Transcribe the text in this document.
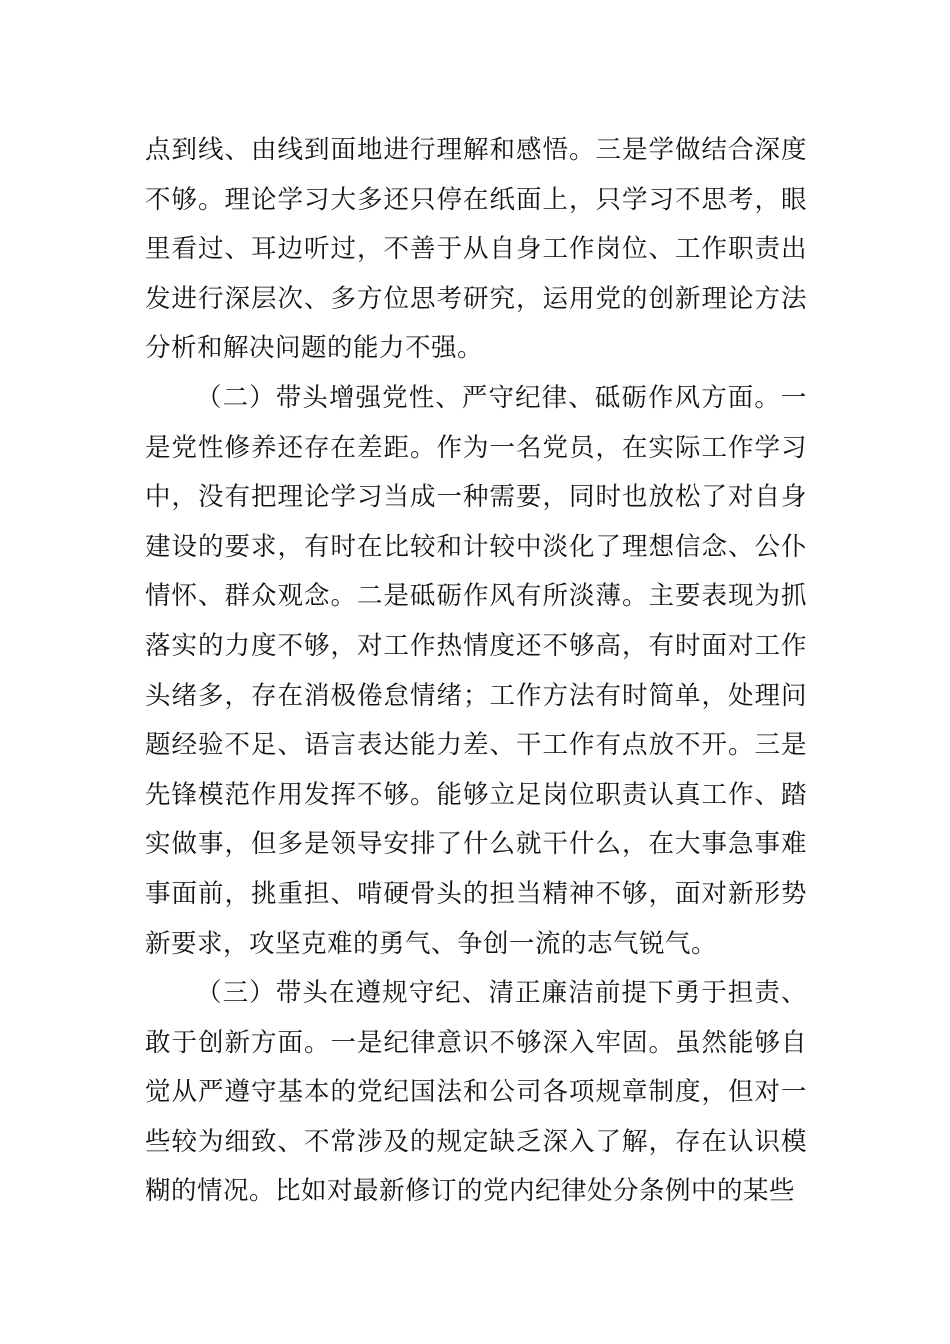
点到线、由线到面地进行理解和感悟。三是学做结合深度不够。理论学习大多还只停在纸面上，只学习不思考，眼里看过、耳边听过，不善于从自身工作岗位、工作职责出发进行深层次、多方位思考研究，运用党的创新理论方法分析和解决问题的能力不强。

（二）带头增强党性、严守纪律、砥砺作风方面。一是党性修养还存在差距。作为一名党员，在实际工作学习中，没有把理论学习当成一种需要，同时也放松了对自身建设的要求，有时在比较和计较中淡化了理想信念、公仆情怀、群众观念。二是砥砺作风有所淡薄。主要表现为抓落实的力度不够，对工作热情度还不够高，有时面对工作头绪多，存在消极倦怠情绪；工作方法有时简单，处理问题经验不足、语言表达能力差、干工作有点放不开。三是先锋模范作用发挥不够。能够立足岗位职责认真工作、踏实做事，但多是领导安排了什么就干什么，在大事急事难事面前，挑重担、啃硬骨头的担当精神不够，面对新形势新要求，攻坚克难的勇气、争创一流的志气锐气。

（三）带头在遵规守纪、清正廉洁前提下勇于担责、敢于创新方面。一是纪律意识不够深入牢固。虽然能够自觉从严遵守基本的党纪国法和公司各项规章制度，但对一些较为细致、不常涉及的规定缺乏深入了解，存在认识模糊的情况。比如对最新修订的党内纪律处分条例中的某些
